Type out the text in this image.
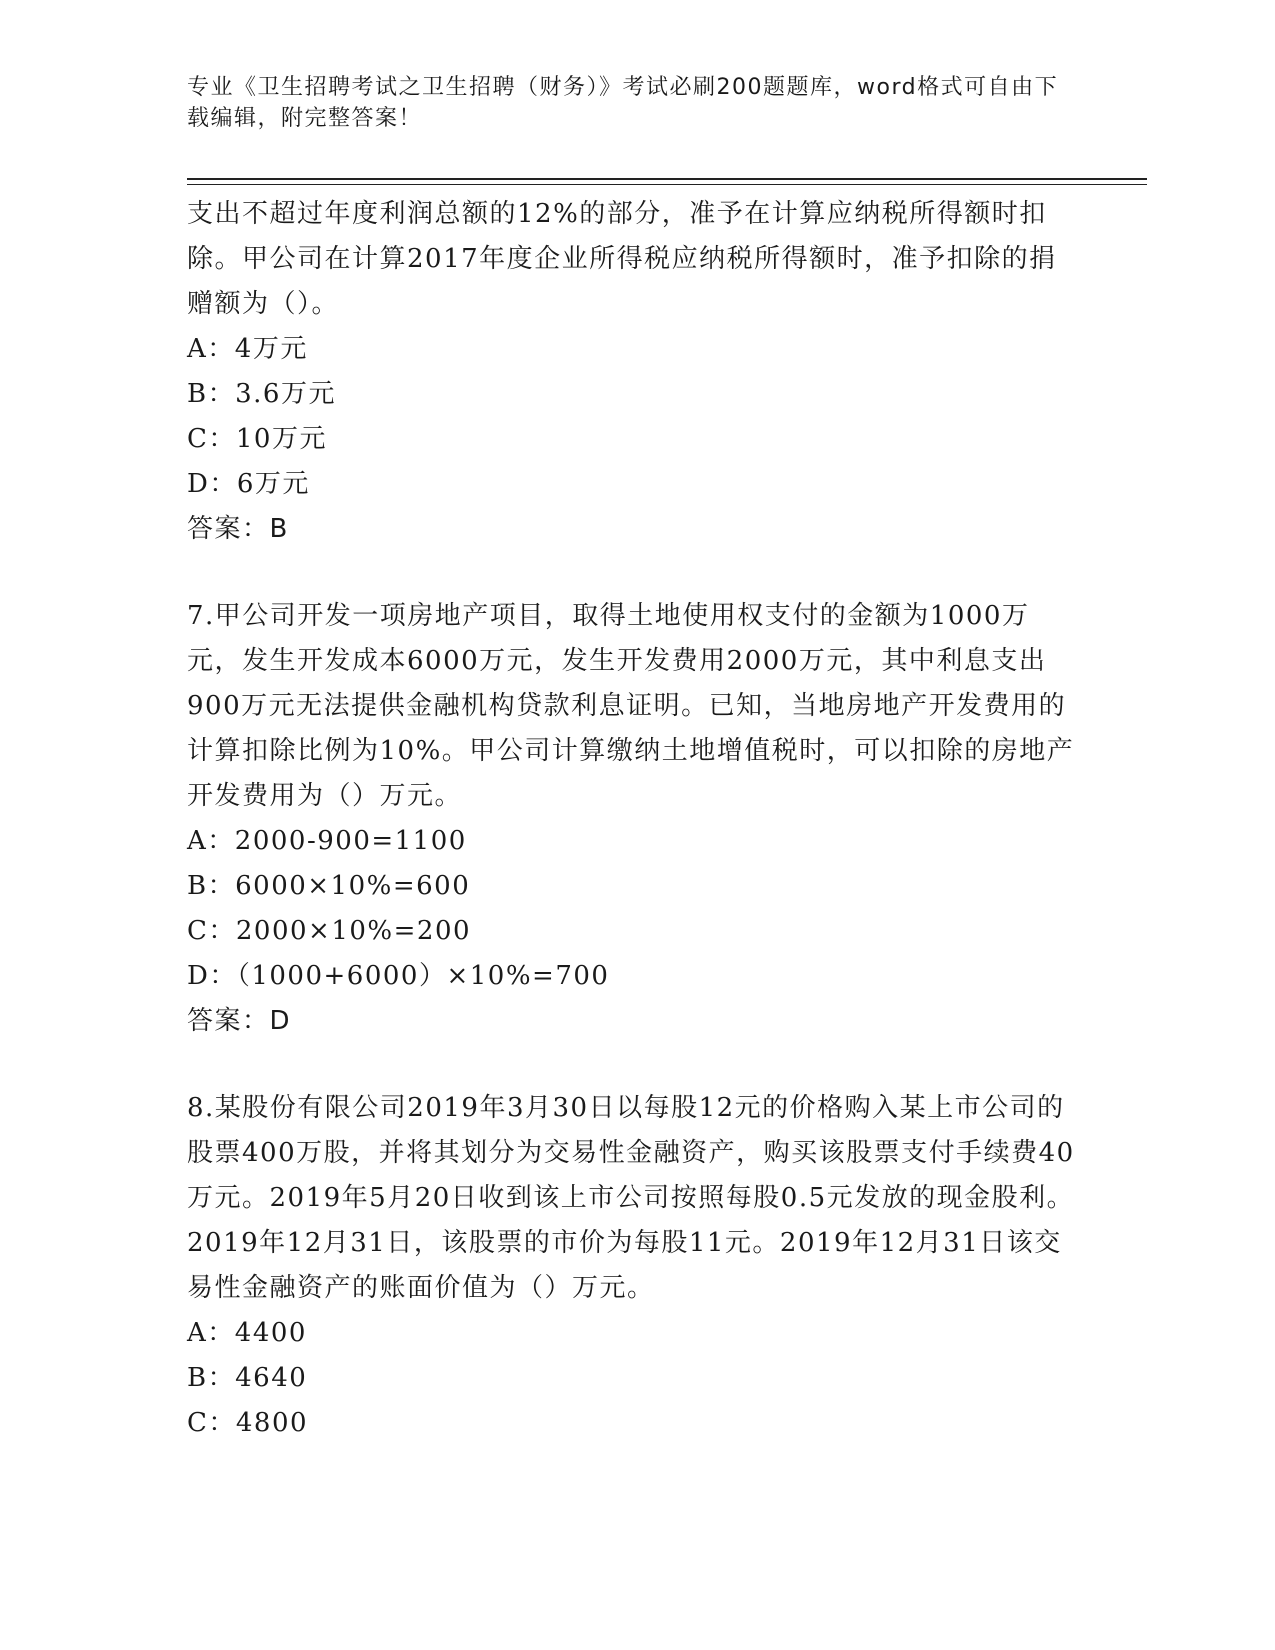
专业《卫生招聘考试之卫生招聘（财务）》考试必刷200题题库，word格式可自由下载编辑，附完整答案！

支出不超过年度利润总额的12%的部分，准予在计算应纳税所得额时扣除。甲公司在计算2017年度企业所得税应纳税所得额时，准予扣除的捐赠额为（）。

A：4万元

B：3.6万元

C：10万元

D：6万元

答案：B

7.甲公司开发一项房地产项目，取得土地使用权支付的金额为1000万元，发生开发成本6000万元，发生开发费用2000万元，其中利息支出900万元无法提供金融机构贷款利息证明。已知，当地房地产开发费用的计算扣除比例为10%。甲公司计算缴纳土地增值税时，可以扣除的房地产开发费用为（）万元。

A：2000-900=1100

B：6000×10%=600

C：2000×10%=200

D：（1000+6000）×10%=700

答案：D

8.某股份有限公司2019年3月30日以每股12元的价格购入某上市公司的股票400万股，并将其划分为交易性金融资产，购买该股票支付手续费40万元。2019年5月20日收到该上市公司按照每股0.5元发放的现金股利。2019年12月31日，该股票的市价为每股11元。2019年12月31日该交易性金融资产的账面价值为（）万元。

A：4400

B：4640

C：4800
